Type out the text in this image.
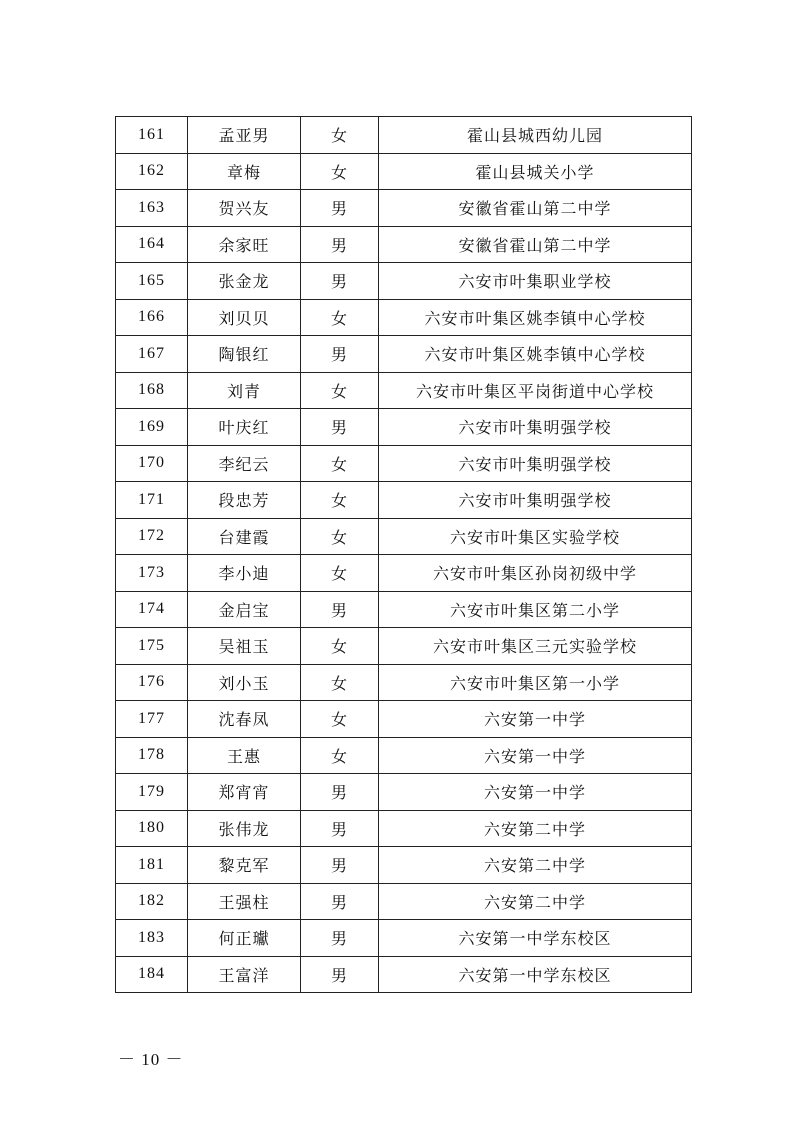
161	孟亚男	女	霍山县城西幼儿园
162	章梅	女	霍山县城关小学
163	贺兴友	男	安徽省霍山第二中学
164	余家旺	男	安徽省霍山第二中学
165	张金龙	男	六安市叶集职业学校
166	刘贝贝	女	六安市叶集区姚李镇中心学校
167	陶银红	男	六安市叶集区姚李镇中心学校
168	刘青	女	六安市叶集区平岗街道中心学校
169	叶庆红	男	六安市叶集明强学校
170	李纪云	女	六安市叶集明强学校
171	段忠芳	女	六安市叶集明强学校
172	台建霞	女	六安市叶集区实验学校
173	李小迪	女	六安市叶集区孙岗初级中学
174	金启宝	男	六安市叶集区第二小学
175	吴祖玉	女	六安市叶集区三元实验学校
176	刘小玉	女	六安市叶集区第一小学
177	沈春凤	女	六安第一中学
178	王惠	女	六安第一中学
179	郑宵宵	男	六安第一中学
180	张伟龙	男	六安第二中学
181	黎克军	男	六安第二中学
182	王强柱	男	六安第二中学
183	何正瓛	男	六安第一中学东校区
184	王富洋	男	六安第一中学东校区
－ 10 －
